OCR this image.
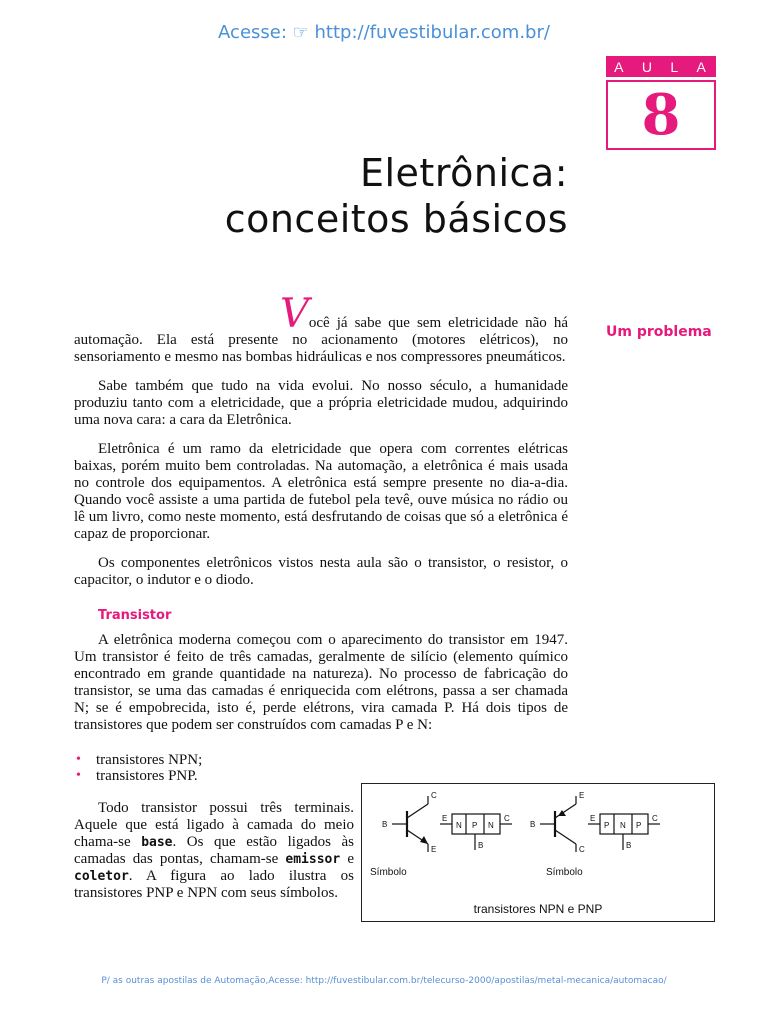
Acesse: ☞ http://fuvestibular.com.br/
A U L A
8
Eletrônica:
conceitos básicos
Um problema

Você já sabe que sem eletricidade não há automação. Ela está presente no acionamento (motores elétricos), no sensoriamento e mesmo nas bombas hidráulicas e nos compressores pneumáticos.

Sabe também que tudo na vida evolui. No nosso século, a humanidade produziu tanto com a eletricidade, que a própria eletricidade mudou, adquirindo uma nova cara: a cara da Eletrônica.

Eletrônica é um ramo da eletricidade que opera com correntes elétricas baixas, porém muito bem controladas. Na automação, a eletrônica é mais usada no controle dos equipamentos. A eletrônica está sempre presente no dia-a-dia. Quando você assiste a uma partida de futebol pela tevê, ouve música no rádio ou lê um livro, como neste momento, está desfrutando de coisas que só a eletrônica é capaz de proporcionar.

Os componentes eletrônicos vistos nesta aula são o transistor, o resistor, o capacitor, o indutor e o diodo.

Transistor

A eletrônica moderna começou com o aparecimento do transistor em 1947. Um transistor é feito de três camadas, geralmente de silício (elemento químico encontrado em grande quantidade na natureza). No processo de fabricação do transistor, se uma das camadas é enriquecida com elétrons, passa a ser chamada N; se é empobrecida, isto é, perde elétrons, vira camada P. Há dois tipos de transistores que podem ser construídos com camadas P e N:

• transistores NPN;
• transistores PNP.
Todo transistor possui três terminais. Aquele que está ligado à camada do meio chama-se base. Os que estão ligados às camadas das pontas, chamam-se emissor e coletor. A figura ao lado ilustra os transistores PNP e NPN com seus símbolos.
B
C
E
Símbolo
E
N P N
C
B
B
E
C
Símbolo
E
P N P
C
B
transistores NPN e PNP
P/ as outras apostilas de Automação,Acesse: http://fuvestibular.com.br/telecurso-2000/apostilas/metal-mecanica/automacao/
